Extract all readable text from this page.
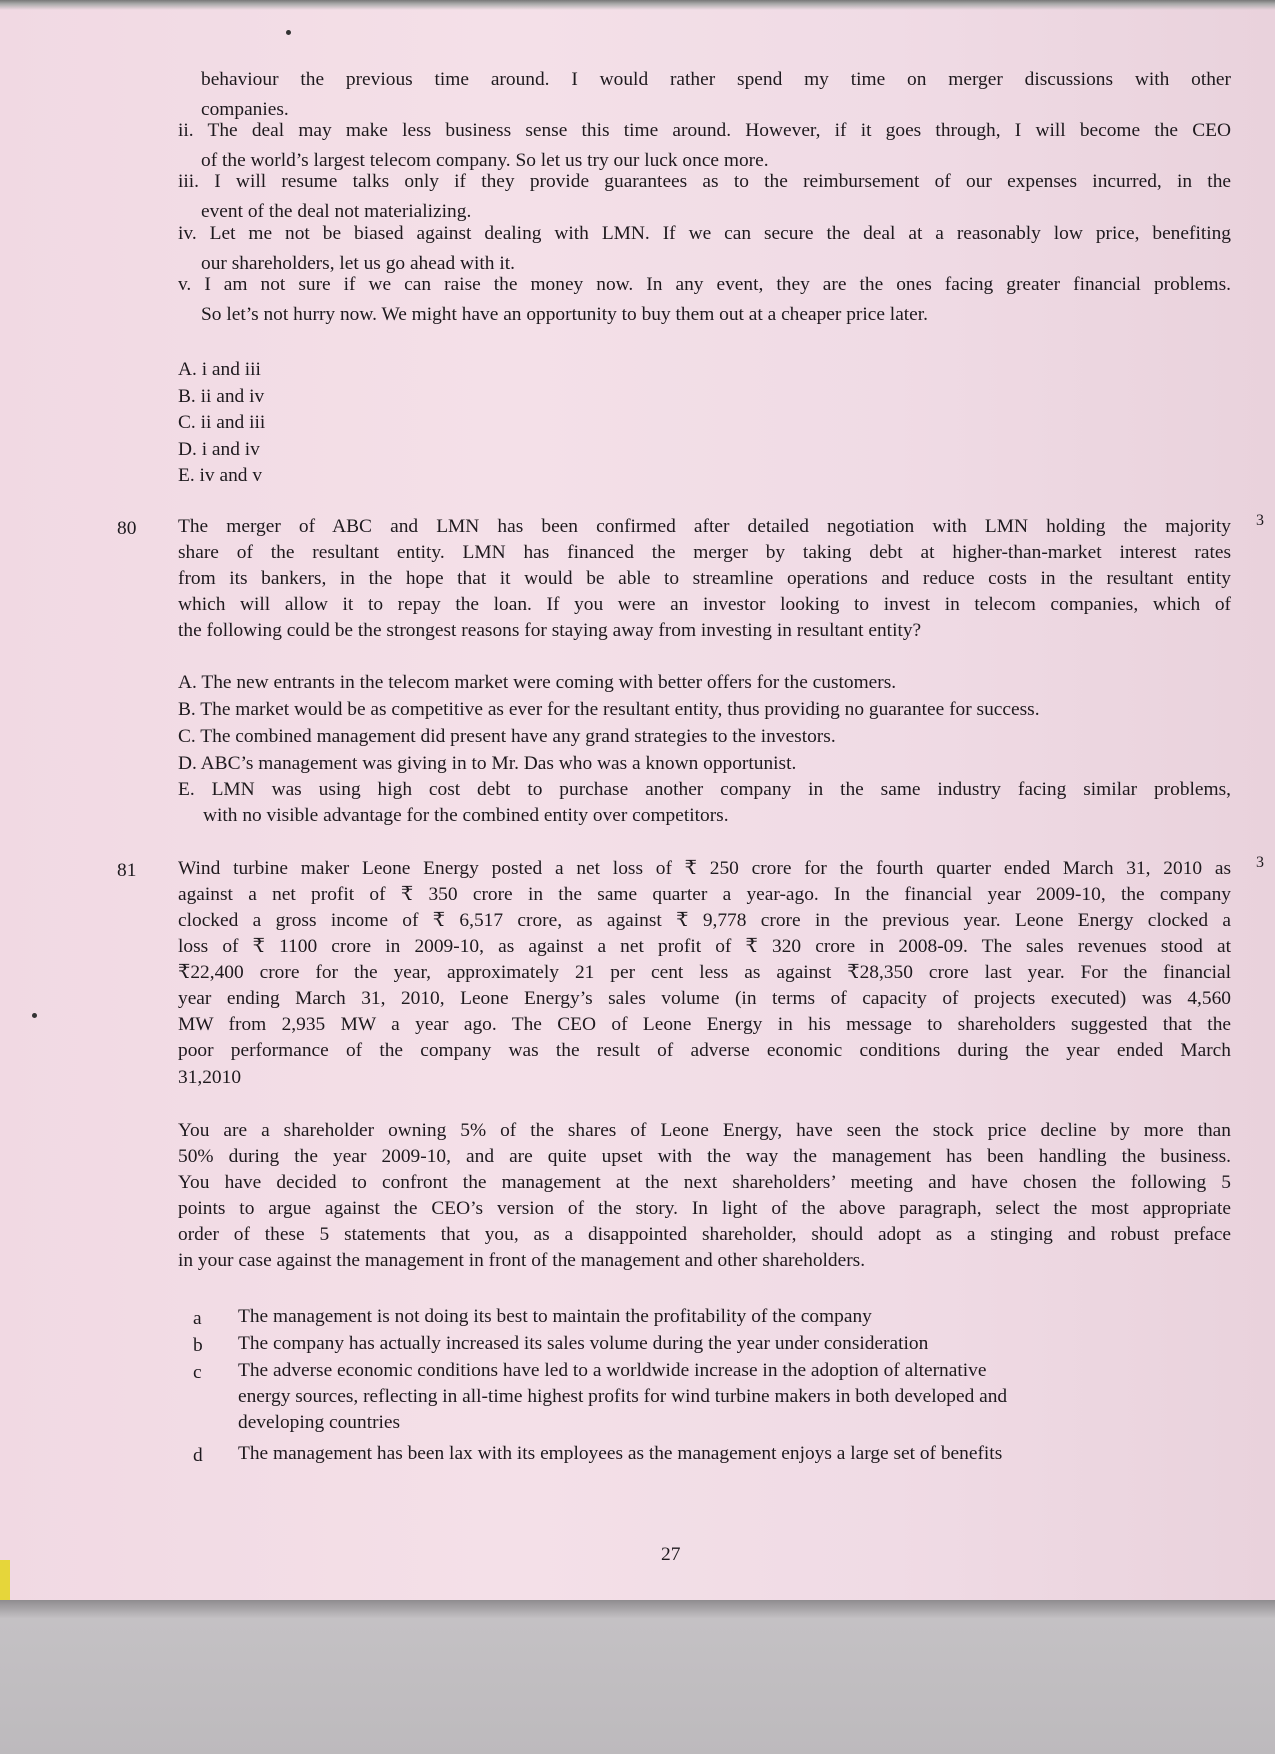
behaviour the previous time around. I would rather spend my time on merger discussions with other
companies.
ii. The deal may make less business sense this time around. However, if it goes through, I will become the CEO
of the world’s largest telecom company. So let us try our luck once more.
iii. I will resume talks only if they provide guarantees as to the reimbursement of our expenses incurred, in the
event of the deal not materializing.
iv. Let me not be biased against dealing with LMN. If we can secure the deal at a reasonably low price, benefiting
our shareholders, let us go ahead with it.
v. I am not sure if we can raise the money now. In any event, they are the ones facing greater financial problems.
So let’s not hurry now. We might have an opportunity to buy them out at a cheaper price later.
A. i and iii
B. ii and iv
C. ii and iii
D. i and iv
E. iv and v
80	3
The merger of ABC and LMN has been confirmed after detailed negotiation with LMN holding the majority
share of the resultant entity. LMN has financed the merger by taking debt at higher-than-market interest rates
from its bankers, in the hope that it would be able to streamline operations and reduce costs in the resultant entity
which will allow it to repay the loan. If you were an investor looking to invest in telecom companies, which of
the following could be the strongest reasons for staying away from investing in resultant entity?
A. The new entrants in the telecom market were coming with better offers for the customers.
B. The market would be as competitive as ever for the resultant entity, thus providing no guarantee for success.
C. The combined management did present have any grand strategies to the investors.
D. ABC’s management was giving in to Mr. Das who was a known opportunist.
E. LMN was using high cost debt to purchase another company in the same industry facing similar problems,
with no visible advantage for the combined entity over competitors.
81	3
Wind turbine maker Leone Energy posted a net loss of ₹ 250 crore for the fourth quarter ended March 31, 2010 as
against a net profit of ₹ 350 crore in the same quarter a year-ago. In the financial year 2009-10, the company
clocked a gross income of ₹ 6,517 crore, as against ₹ 9,778 crore in the previous year. Leone Energy clocked a
loss of ₹ 1100 crore in 2009-10, as against a net profit of ₹ 320 crore in 2008-09. The sales revenues stood at
₹22,400 crore for the year, approximately 21 per cent less as against ₹28,350 crore last year. For the financial
year ending March 31, 2010, Leone Energy’s sales volume (in terms of capacity of projects executed) was 4,560
MW from 2,935 MW a year ago. The CEO of Leone Energy in his message to shareholders suggested that the
poor performance of the company was the result of adverse economic conditions during the year ended March
31,2010
You are a shareholder owning 5% of the shares of Leone Energy, have seen the stock price decline by more than
50% during the year 2009-10, and are quite upset with the way the management has been handling the business.
You have decided to confront the management at the next shareholders’ meeting and have chosen the following 5
points to argue against the CEO’s version of the story. In light of the above paragraph, select the most appropriate
order of these 5 statements that you, as a disappointed shareholder, should adopt as a stinging and robust preface
in your case against the management in front of the management and other shareholders.
a The management is not doing its best to maintain the profitability of the company
b The company has actually increased its sales volume during the year under consideration
c The adverse economic conditions have led to a worldwide increase in the adoption of alternative
energy sources, reflecting in all-time highest profits for wind turbine makers in both developed and
developing countries
d The management has been lax with its employees as the management enjoys a large set of benefits
27
